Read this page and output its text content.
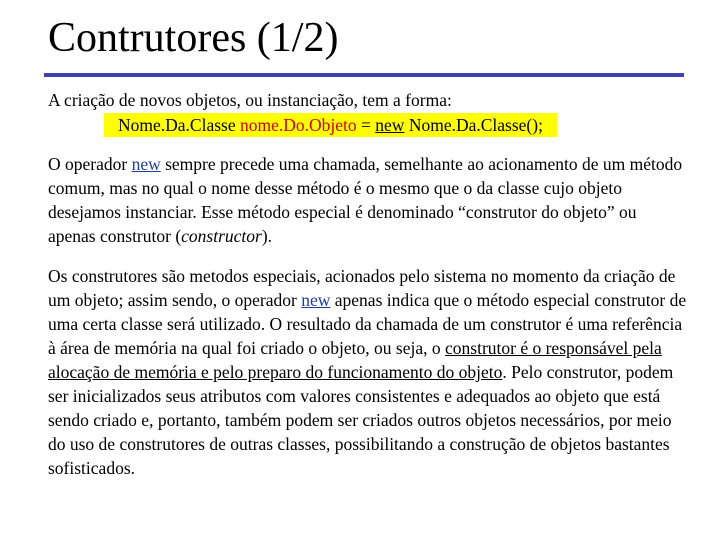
Contrutores (1/2)

A criação de novos objetos, ou instanciação, tem a forma:

Nome.Da.Classe nome.Do.Objeto = new Nome.Da.Classe();

O operador new sempre precede uma chamada, semelhante ao acionamento de um método comum, mas no qual o nome desse método é o mesmo que o da classe cujo objeto desejamos instanciar. Esse método especial é denominado “construtor do objeto” ou apenas construtor (constructor).

Os construtores são metodos especiais, acionados pelo sistema no momento da criação de um objeto; assim sendo, o operador new apenas indica que o método especial construtor de uma certa classe será utilizado. O resultado da chamada de um construtor é uma referência à área de memória na qual foi criado o objeto, ou seja, o construtor é o responsável pela alocação de memória e pelo preparo do funcionamento do objeto. Pelo construtor, podem ser inicializados seus atributos com valores consistentes e adequados ao objeto que está sendo criado e, portanto, também podem ser criados outros objetos necessários, por meio do uso de construtores de outras classes, possibilitando a construção de objetos bastantes sofisticados.
